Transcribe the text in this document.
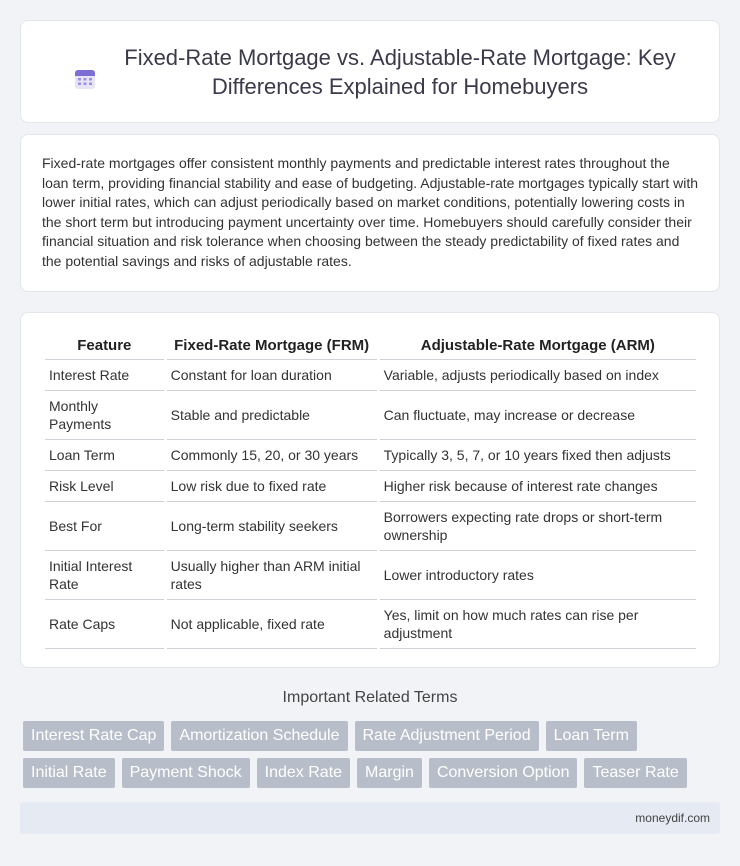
Fixed-Rate Mortgage vs. Adjustable-Rate Mortgage: Key Differences Explained for Homebuyers

Fixed-rate mortgages offer consistent monthly payments and predictable interest rates throughout the loan term, providing financial stability and ease of budgeting. Adjustable-rate mortgages typically start with lower initial rates, which can adjust periodically based on market conditions, potentially lowering costs in the short term but introducing payment uncertainty over time. Homebuyers should carefully consider their financial situation and risk tolerance when choosing between the steady predictability of fixed rates and the potential savings and risks of adjustable rates.

Feature	Fixed-Rate Mortgage (FRM)	Adjustable-Rate Mortgage (ARM)
Interest Rate	Constant for loan duration	Variable, adjusts periodically based on index
Monthly Payments	Stable and predictable	Can fluctuate, may increase or decrease
Loan Term	Commonly 15, 20, or 30 years	Typically 3, 5, 7, or 10 years fixed then adjusts
Risk Level	Low risk due to fixed rate	Higher risk because of interest rate changes
Best For	Long-term stability seekers	Borrowers expecting rate drops or short-term ownership
Initial Interest Rate	Usually higher than ARM initial rates	Lower introductory rates
Rate Caps	Not applicable, fixed rate	Yes, limit on how much rates can rise per adjustment
Important Related Terms
Interest Rate Cap	Amortization Schedule	Rate Adjustment Period	Loan Term
Initial Rate	Payment Shock	Index Rate	Margin	Conversion Option	Teaser Rate
moneydif.com
